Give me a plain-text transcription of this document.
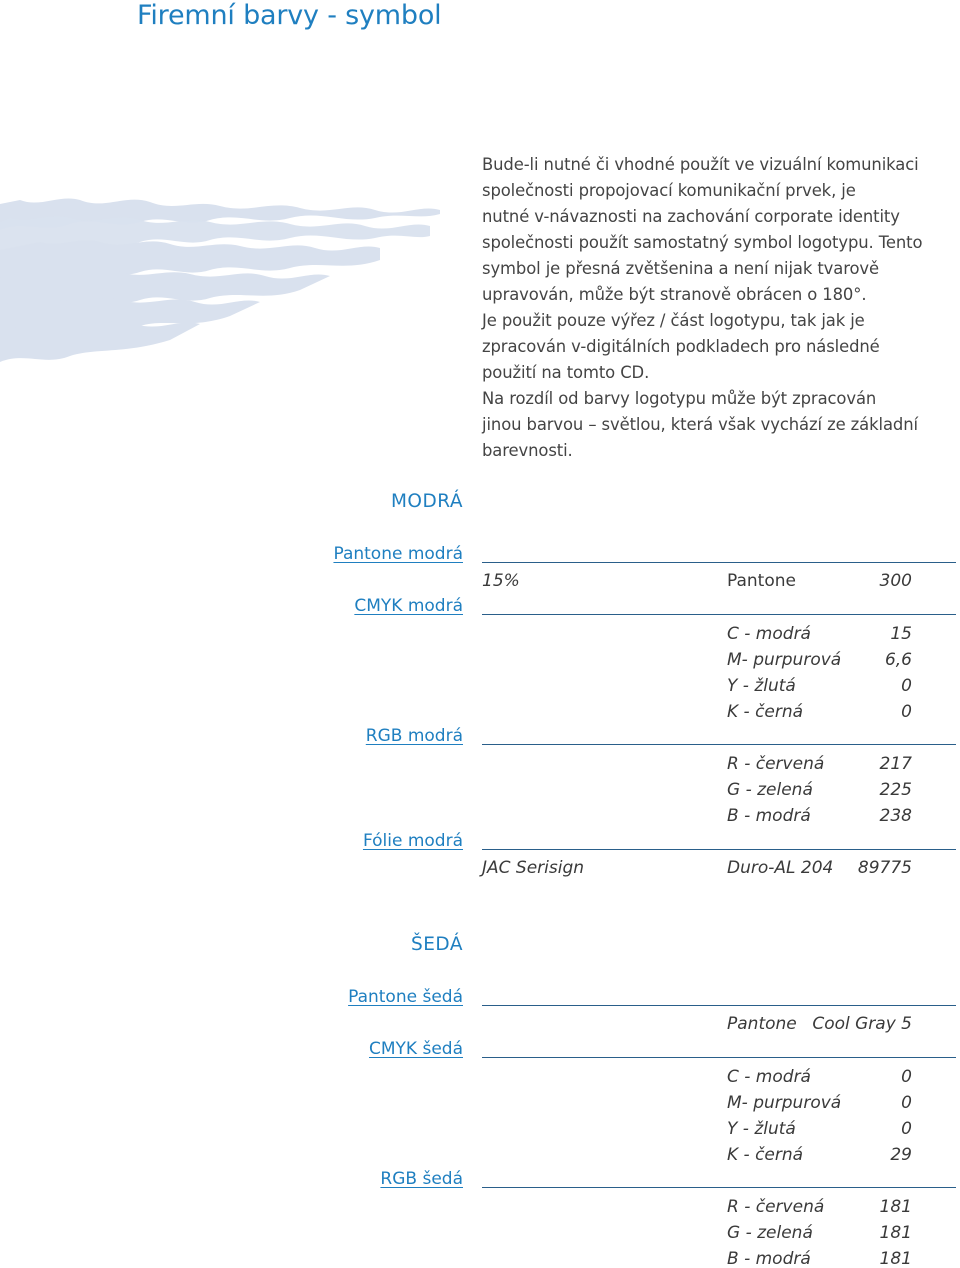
Firemní barvy - symbol

Bude-li nutné či vhodné použít ve vizuální komunikaci

společnosti propojovací komunikační prvek, je

nutné v-návaznosti na zachování corporate identity

společnosti použít samostatný symbol logotypu. Tento

symbol je přesná zvětšenina a není nijak tvarově

upravován, může být stranově obrácen o 180°.

Je použit pouze výřez / část logotypu, tak jak je

zpracován v-digitálních podkladech pro následné

použití na tomto CD.

Na rozdíl od barvy logotypu může být zpracován

jinou barvou – světlou, která však vychází ze základní

barevnosti.

MODRÁ
Pantone modrá
15%	Pantone	300
CMYK modrá
C - modrá	15
M- purpurová	6,6
Y - žlutá	0
K - černá	0
RGB modrá
R - červená	217
G - zelená	225
B - modrá	238
Fólie modrá
JAC Serisign	Duro-AL 204	89775
ŠEDÁ
Pantone šedá
Pantone Cool Gray 5
CMYK šedá
C - modrá	0
M- purpurová	0
Y - žlutá	0
K - černá	29
RGB šedá
R - červená	181
G - zelená	181
B - modrá	181
